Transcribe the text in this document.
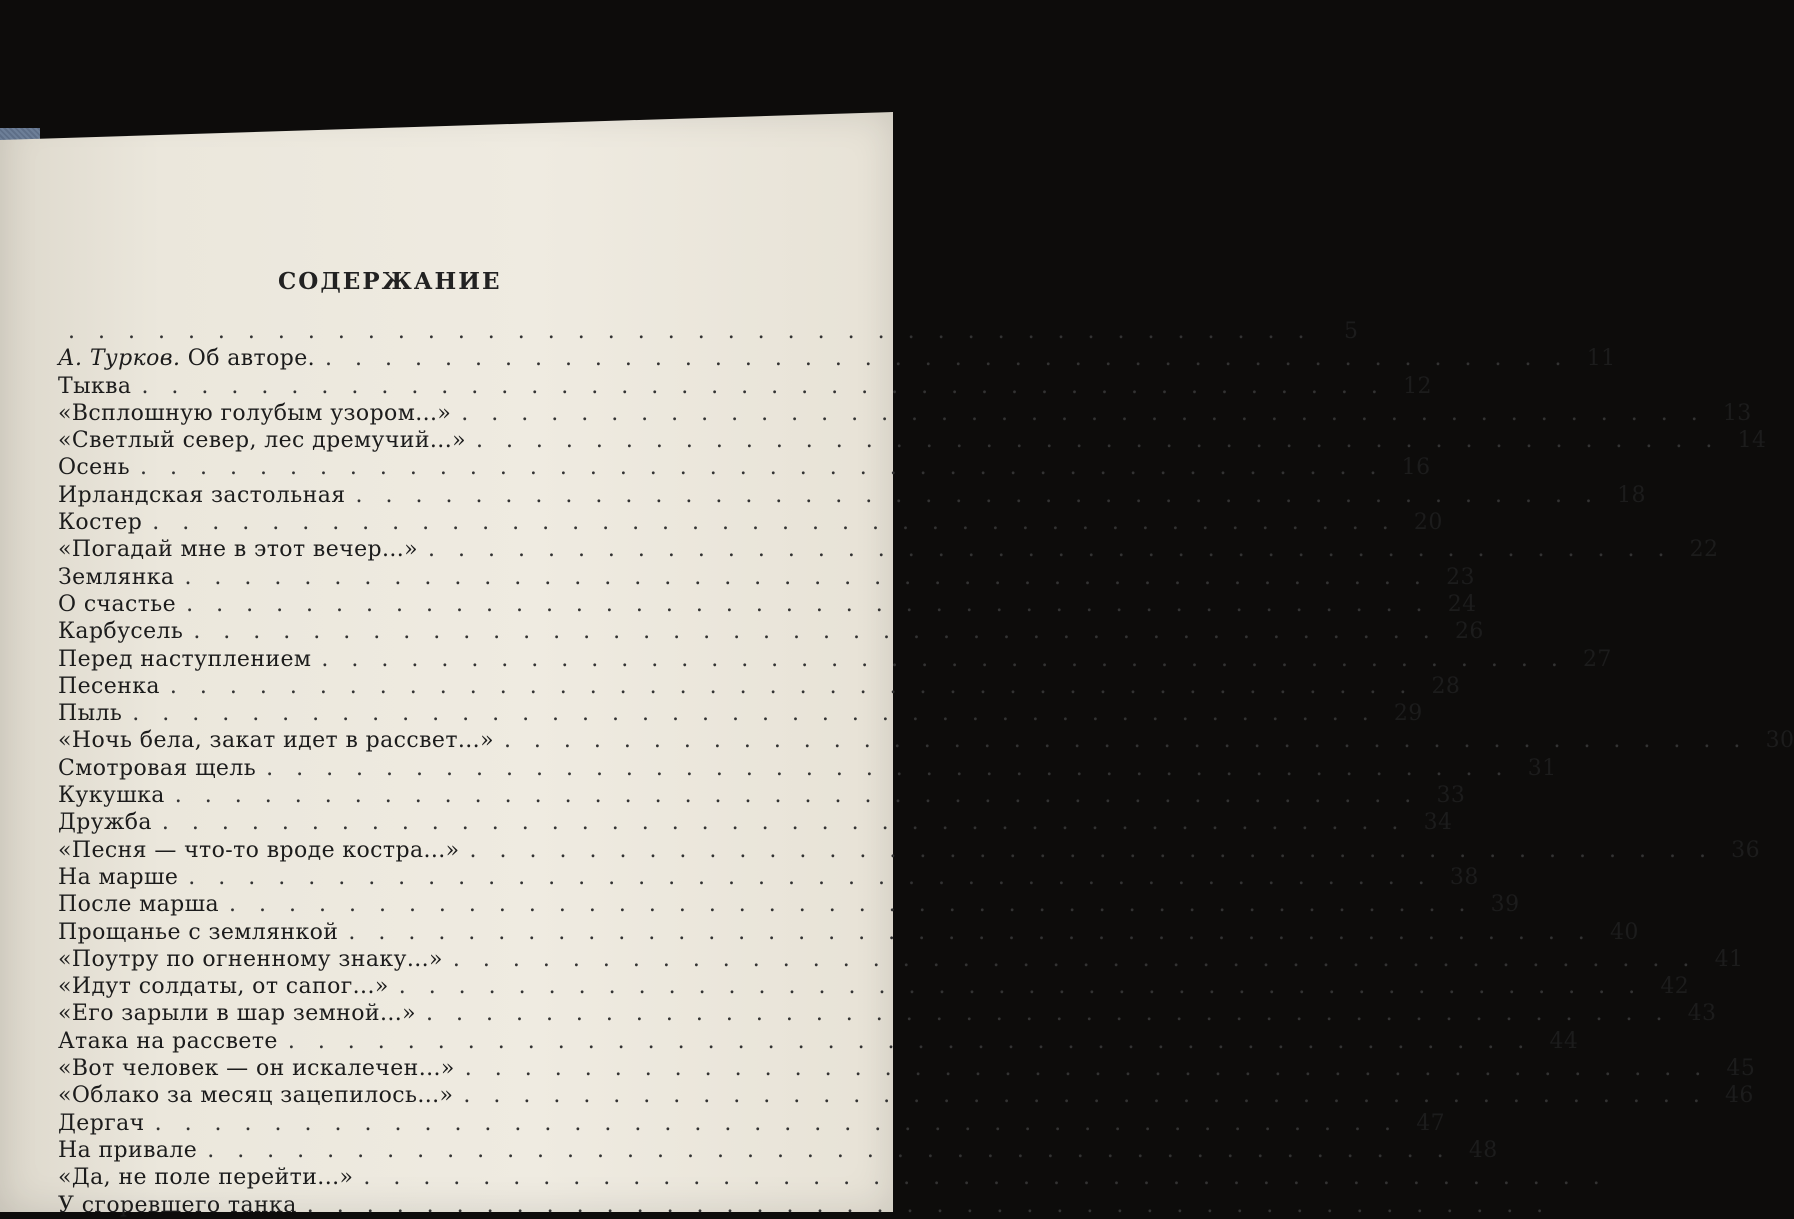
СОДЕРЖАНИЕ
. . . . . . . . . . . . . . . . . . . . . . . . . . . . . . . . . . . . . . . . . .	5
А. Турков. Об авторе. . . . . . . . . . . . . . . . . . . . . . . . . . . . . . . . . . . . . . . . . . . 11
Тыква . . . . . . . . . . . . . . . . . . . . . . . . . . . . . . . . . . . . . . . . . . 12
«Всплошную голубым узором...» . . . . . . . . . . . . . . . . . . . . . . . . . . . . . . . . . . . . . . . . . . 13
«Светлый север, лес дремучий...» . . . . . . . . . . . . . . . . . . . . . . . . . . . . . . . . . . . . . . . . . . 14
Осень . . . . . . . . . . . . . . . . . . . . . . . . . . . . . . . . . . . . . . . . . . 16
Ирландская застольная . . . . . . . . . . . . . . . . . . . . . . . . . . . . . . . . . . . . . . . . . . 18
Костер . . . . . . . . . . . . . . . . . . . . . . . . . . . . . . . . . . . . . . . . . . 20
«Погадай мне в этот вечер...» . . . . . . . . . . . . . . . . . . . . . . . . . . . . . . . . . . . . . . . . . . 22
Землянка . . . . . . . . . . . . . . . . . . . . . . . . . . . . . . . . . . . . . . . . . . 23
О счастье . . . . . . . . . . . . . . . . . . . . . . . . . . . . . . . . . . . . . . . . . . 24
Карбусель . . . . . . . . . . . . . . . . . . . . . . . . . . . . . . . . . . . . . . . . . . 26
Перед наступлением . . . . . . . . . . . . . . . . . . . . . . . . . . . . . . . . . . . . . . . . . . 27
Песенка . . . . . . . . . . . . . . . . . . . . . . . . . . . . . . . . . . . . . . . . . . 28
Пыль . . . . . . . . . . . . . . . . . . . . . . . . . . . . . . . . . . . . . . . . . . 29
«Ночь бела, закат идет в рассвет...» . . . . . . . . . . . . . . . . . . . . . . . . . . . . . . . . . . . . . . . . . . 30
Смотровая щель . . . . . . . . . . . . . . . . . . . . . . . . . . . . . . . . . . . . . . . . . . 31
Кукушка . . . . . . . . . . . . . . . . . . . . . . . . . . . . . . . . . . . . . . . . . . 33
Дружба . . . . . . . . . . . . . . . . . . . . . . . . . . . . . . . . . . . . . . . . . . 34
«Песня — что-то вроде костра...» . . . . . . . . . . . . . . . . . . . . . . . . . . . . . . . . . . . . . . . . . . 36
На марше . . . . . . . . . . . . . . . . . . . . . . . . . . . . . . . . . . . . . . . . . . 38
После марша . . . . . . . . . . . . . . . . . . . . . . . . . . . . . . . . . . . . . . . . . . 39
Прощанье с землянкой . . . . . . . . . . . . . . . . . . . . . . . . . . . . . . . . . . . . . . . . . . 40
«Поутру по огненному знаку...» . . . . . . . . . . . . . . . . . . . . . . . . . . . . . . . . . . . . . . . . . . 41
«Идут солдаты, от сапог...» . . . . . . . . . . . . . . . . . . . . . . . . . . . . . . . . . . . . . . . . . . 42
«Его зарыли в шар земной...» . . . . . . . . . . . . . . . . . . . . . . . . . . . . . . . . . . . . . . . . . . 43
Атака на рассвете . . . . . . . . . . . . . . . . . . . . . . . . . . . . . . . . . . . . . . . . . . 44
«Вот человек — он искалечен...» . . . . . . . . . . . . . . . . . . . . . . . . . . . . . . . . . . . . . . . . . . 45
«Облако за месяц зацепилось...» . . . . . . . . . . . . . . . . . . . . . . . . . . . . . . . . . . . . . . . . . . 46
Дергач . . . . . . . . . . . . . . . . . . . . . . . . . . . . . . . . . . . . . . . . . . 47
На привале . . . . . . . . . . . . . . . . . . . . . . . . . . . . . . . . . . . . . . . . . . 48
«Да, не поле перейти...» . . . . . . . . . . . . . . . . . . . . . . . . . . . . . . . . . . . . . . . . . .
У сгоревшего танка . . . . . . . . . . . . . . . . . . . . . . . . . . . . . . . . . . . . . . . . . .
